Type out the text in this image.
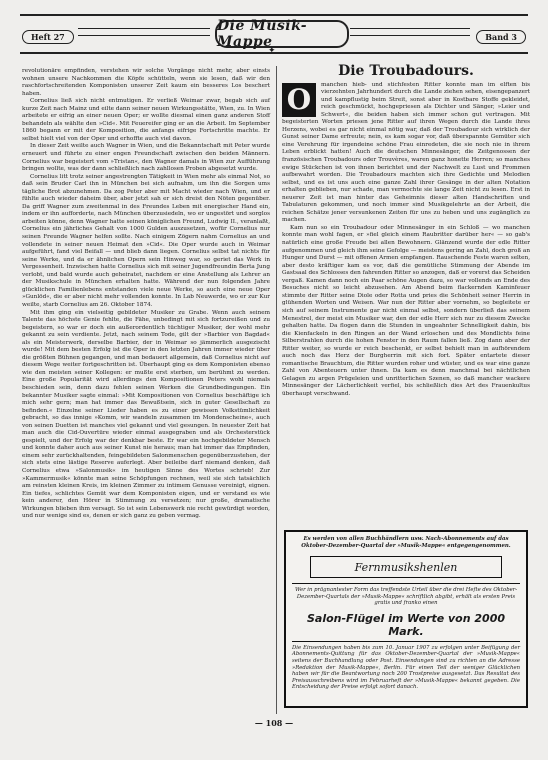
Heft 27
Die Musik-Mappe	Band 3
✦

revolutionäre empfinden, verstehen wir solche Vorgänge nicht mehr, aber einsts wohnen unsere Nachkommen die Köpfe schütteln, wenn sie lesen, daß wir den raschfortschreitenden Komponisten unserer Zeit kaum ein besseres Los beschert haben.

Cornelius ließ sich nicht entmutigen. Er verließ Weimar zwar, begab sich auf kurze Zeit nach Mainz und eilte dann seiner neuen Wirkungsstätte, Wien, zu. In Wien arbeitete er eifrig an einer neuen Oper; er wollte diesmal einen ganz anderen Stoff behandeln als wählte den »Cid«. Mit Feuereifer ging er an die Arbeit. Im September 1860 begann er mit der Komposition, die anfangs eifrige Fortschritte machte. Er selbst hielt viel von der Oper und erhoffte auch viel davon.

In dieser Zeit weilte auch Wagner in Wien, und die Bekanntschaft mit Peter wurde erneuert und führte zu einer engen Freundschaft zwischen den beiden Männern. Cornelius war begeistert vom »Tristan«, den Wagner damals in Wien zur Aufführung bringen wollte, was der dann schließlich nach zahllosen Proben abgesetzt wurde.

Cornelius litt trotz seiner angestrengten Tätigkeit in Wien mehr als einmal Not, so daß sein Bruder Carl ihn in München bei sich aufnahm, um ihn die Sorgen ums tägliche Brot abzunehmen. Da zog Peter aber mit Macht wieder nach Wien, und er fühlte auch wieder daheim über, aber jetzt sah er sich dreist den Nöten gegenüber. Da griff Wagner zum zweitenmal in des Freundes Leben mit energischer Hand ein, indem er ihn aufforderte, nach München überzusiedeln, wo er ungestört und sorglos arbeiten könne, denn Wagner hatte seinen königlichen Freund, Ludwig II., veranlaßt, Cornelius ein jährliches Gehalt von 1000 Gulden auszusetzen, wofür Cornelius nur seinen Freunde Wagner helfen sollte. Nach einigem Zögern nahm Cornelius an und vollendete in seiner neuen Heimat den »Cid«. Die Oper wurde auch in Weimar aufgeführt, fand viel Beifall — und blieb dann liegen. Cornelius selbst tat nichts für seine Werke, und da er ähnlichen Opern sein Hinweg war, so geriet das Werk in Vergessenheit. Inzwischen hatte Cornelius sich mit seiner Jugendfreundin Berta Jung verlobt, und bald wurde auch geheiratet, nachdem er eine Anstellung als Lehrer an der Musikschule in München erhalten hatte. Während der nun folgenden Jahre glücklichen Familienlebens entstanden viele neue Werke, so auch eine neue Oper »Gunlöd«, die er aber nicht mehr vollenden konnte. In Lab Neuwerde, wo er zur Kur weilte, starb Cornelius am 26. Oktober 1874.

Mit ihm ging ein vielseitig gebildeter Musiker zu Grabe. Wenn auch seinem Talente das höchste Genie fehlte, die Fähe, unbedingt mit sich fortzureißen und zu begeistern, so war er doch ein außerordentlich tüchtiger Musiker, der wohl mehr gekannt zu sein verdiente. Jetzt, nach seinem Tode, gilt der »Barbier von Bagdad« als ein Meisterwerk, derselbe Barbier, der in Weimar so jämmerlich ausgezischt wurde! Mit dem besten Erfolg ist die Oper in den letzten Jahren immer wieder über die größten Bühnen gegangen, und man bedauert allgemein, daß Cornelius nicht auf diesem Wege weiter fortgeschritten ist. Überhaupt ging es dem Komponisten ebenso wie den meisten seiner Kollegen: er mußte erst sterben, um berühmt zu werden. Eine große Popularität wird allerdings den Kompositionen Peters wohl niemals beschieden sein, denn dazu fehlen seinen Werken die Grundbedingungen. Ein bekannter Musiker sagte einmal: »Mit Kompositionen von Cornelius beschäftige ich mich sehr gern; man hat immer das Bewußtsein, sich in guter Gesellschaft zu befinden.« Einzelne seiner Lieder haben es zu einer gewissen Volkstümlichkeit gebracht, so das innige »Komm, wir wandeln zusammen im Mondenscheine«, auch von seinen Duetten ist manches viel gekannt und viel gesungen. In neuester Zeit hat man auch die Cid-Ouvertüre wieder einmal ausgegraben und als Orchesterstück gespielt, und der Erfolg war der denkbar beste. Er war ein hochgebildeter Mensch und konnte daher auch aus seiner Kunst nie heraus; man hat immer das Empfinden, einem sehr zurückhaltenden, feingebildeten Salonmenschen gegenüberzustehen, der sich stets eine lästige Reserve auferlegt. Aber beileibe darf niemand denken, daß Cornelius etwa »Salonmusik« im heutigen Sinne des Wortes schrieb! Zur »Kammermusik« könnte man seine Schöpfungen rechnen, weil sie sich tatsächlich am reinsten kleinen Kreis, im kleinen Zimmer zu intimem Genusse vereinigt, eignen. Ein tiefes, schlichtes Gemüt war dem Komponisten eigen, und er verstand es wie kein anderer, den Hörer in Stimmung zu versetzen; nur große, dramatische Wirkungen blieben ihm versagt. So ist sein Lebenswerk nie recht gewürdigt worden, und nur wenige sind es, denen er sich ganz zu geben vermag.

Die Troubadours.
O	manchen hieb- und stichfesten Ritter konnte man im elften bis vierzehnten Jahrhundert durch die Lande ziehen sehen, eisengepanzert und kampflustig beim Streit, sonst aber in Kostbare Stoffe gekleidet, reich geschmückt, hochgepriesen als Dichter und Sänger, »Leier und Schwert«, die beiden haben sich immer schon gut vertragen. Mit begeisterten Worten priesen jene Ritter auf ihren Wegen durch die Lande ihres Herzens, wobei es gar nicht einmal nötig war, daß der Troubadour sich wirklich der Gunst seiner Dame erfreute; nein, es kam sogar vor, daß überspannte Gemüter sich eine Verehrung für irgendeine schöne Frau einredeten, die sie noch nie in ihrem Leben erblickt hatten! Auch die deutschen Minnesänger, die Zeitgenossen der französischen Troubadours oder Trouvères, waren ganz honette Herren; so manches ewige Stückchen ist von ihnen berichtet und der Nachwelt zu Lust und Frommen aufbewahrt worden. Die Troubadours machten sich ihre Gedichte und Melodien selbst, und es ist uns auch eine ganze Zahl ihrer Gesänge in der alten Notation erhalten geblieben, nur schade, man vermochte sie lange Zeit nicht zu lesen. Erst in neuerer Zeit ist man hinter das Geheimnis dieser alten Handschriften und Tabulaturen gekommen, und noch immer sind Musikgelehrte an der Arbeit, die reichen Schätze jener versunkenen Zeiten für uns zu heben und uns zugänglich zu machen.

Kam nun so ein Troubadour oder Minnesänger in ein Schloß — wo manchen konnte man wohl fagen, er »fiel gleich einem Raubritter darüber her« — so gab's natürlich eine große Freude bei allen Bewohnern. Glänzend wurde der edle Ritter aufgenommen und gleich ihm seine Gefolge — meistens gering an Zahl, doch groß an Hunger und Durst — mit offenen Armen empfangen. Rauschende Feste waren selten, aber desto kräftiger kam es vor, daß die gemütliche Stimmung der Abende im Gastsaal des Schlosses den fahrenden Ritter so anzogen, daß er vorerst das Scheiden vergaß. Kamen dann noch ein Paar schöne Augen dazu, so war vollends an Ende des Besuches nicht so leicht abzusehen. Am Abend beim flackernden Kaminfeuer stimmte der Ritter seine Diole oder Rotta und pries die Schönheit seiner Herrin in glühenden Worten und Weisen. War nun der Ritter aber vornehm, so begleitete er sich auf seinem Instrumente gar nicht einmal selbst, sondern überließ das seinem Menestrel, der meist ein Musiker war, den der edle Herr sich nur zu diesem Zwecke gehalten hatte. Da flogen dann die Stunden in ungeahnter Schnelligkeit dahin, bis die Kienfackeln in den Ringen an der Wand erloschen und des Mondlichts feine Silberstrahlen durch die hohen Fenster in den Raum fallen ließ. Zog dann aber der Ritter weiter, so wurde er reich beschenkt, er selbst behielt man in aufhörendem auch noch das Herz der Burgherrin mit sich fort. Später entartete dieser romantische Brauchtum, die Ritter wurden roher und wüster, und es war eine ganze Zahl von Abenteuern unter ihnen. Da kam es denn manchmal bei nächtlichen Gelagen zu argen Prügeleien und unritterlichen Szenen, so daß mancher wackere Minnesänger der Lächerlichkeit verfiel, bis schließlich dies Art des Frauenkultus überhaupt verschwand.

Es werden von allen Buchhändlern usw. Nach-Abonnements auf das Oktober-Dezember-Quartal der »Musik-Mappe« entgegengenommen.
Fernmusikshenlen
Wer in prägnantester Form das treffendste Urteil über die drei Hefte des Oktober-Dezember-Quartals der »Musik-Mappe« schriftlich abgibt, erhält als ersten Preis gratis und franko einen
Salon-Flügel im Werte von 2000 Mark.
Die Einsendungen haben bis zum 10. Januar 1907 zu erfolgen unter Beifügung der Abonnements-Quittung für das Oktober-Dezember-Quartal der »Musik-Mappe« seitens der Buchhandlung oder Post. Einsendungen sind zu richten an die Adresse »Redaktion der Musik-Mappe«, Berlin. Für einen Teil der weniger Glücklichen haben wir für die Beantwortung noch 200 Trostpreise ausgesetzt. Das Resultat des Preisausschreibens wird im Februarheft der »Musik-Mappe« bekannt gegeben. Die Entscheidung der Preise erfolgt sofort danach.
— 108 —
